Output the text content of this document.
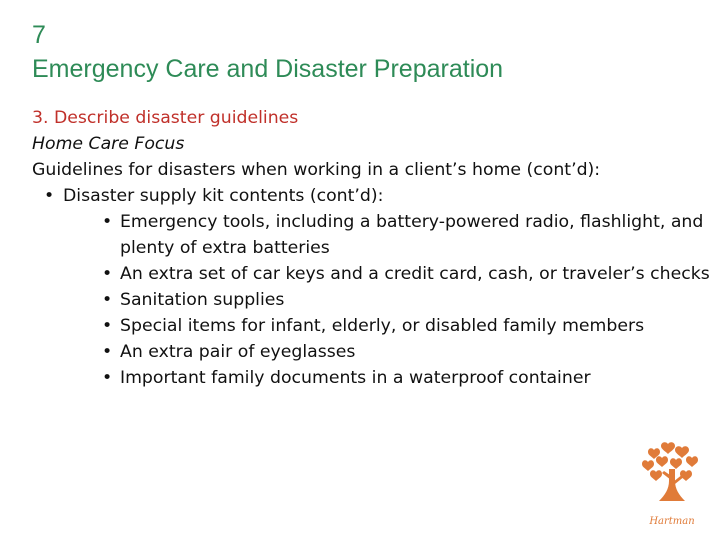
7
Emergency Care and Disaster Preparation
3. Describe disaster guidelines
Home Care Focus
Guidelines for disasters when working in a client’s home (cont’d):
• Disaster supply kit contents (cont’d):
• Emergency tools, including a battery-powered radio, flashlight, and plenty of extra batteries
• An extra set of car keys and a credit card, cash, or traveler’s checks
• Sanitation supplies
• Special items for infant, elderly, or disabled family members
• An extra pair of eyeglasses
• Important family documents in a waterproof container
Hartman
